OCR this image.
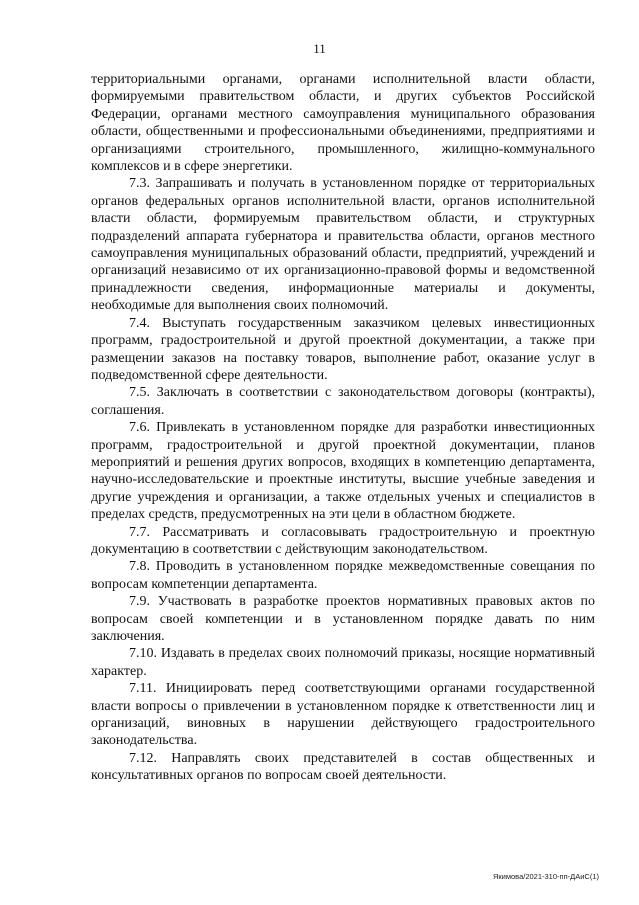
11

территориальными органами, органами исполнительной власти области, формируемыми правительством области, и других субъектов Российской Федерации, органами местного самоуправления муниципального образования области, общественными и профессиональными объединениями, предприятиями и организациями строительного, промышленного, жилищно-коммунального комплексов и в сфере энергетики.

7.3. Запрашивать и получать в установленном порядке от территориальных органов федеральных органов исполнительной власти, органов исполнительной власти области, формируемым правительством области, и структурных подразделений аппарата губернатора и правительства области, органов местного самоуправления муниципальных образований области, предприятий, учреждений и организаций независимо от их организационно-правовой формы и ведомственной принадлежности сведения, информационные материалы и документы, необходимые для выполнения своих полномочий.

7.4. Выступать государственным заказчиком целевых инвестиционных программ, градостроительной и другой проектной документации, а также при размещении заказов на поставку товаров, выполнение работ, оказание услуг в подведомственной сфере деятельности.

7.5. Заключать в соответствии с законодательством договоры (контракты), соглашения.

7.6. Привлекать в установленном порядке для разработки инвестиционных программ, градостроительной и другой проектной документации, планов мероприятий и решения других вопросов, входящих в компетенцию департамента, научно-исследовательские и проектные институты, высшие учебные заведения и другие учреждения и организации, а также отдельных ученых и специалистов в пределах средств, предусмотренных на эти цели в областном бюджете.

7.7. Рассматривать и согласовывать градостроительную и проектную документацию в соответствии с действующим законодательством.

7.8. Проводить в установленном порядке межведомственные совещания по вопросам компетенции департамента.

7.9. Участвовать в разработке проектов нормативных правовых актов по вопросам своей компетенции и в установленном порядке давать по ним заключения.

7.10. Издавать в пределах своих полномочий приказы, носящие нормативный характер.

7.11. Инициировать перед соответствующими органами государственной власти вопросы о привлечении в установленном порядке к ответственности лиц и организаций, виновных в нарушении действующего градостроительного законодательства.

7.12. Направлять своих представителей в состав общественных и консультативных органов по вопросам своей деятельности.

Якимова/2021-310-пп-ДАиС(1)
